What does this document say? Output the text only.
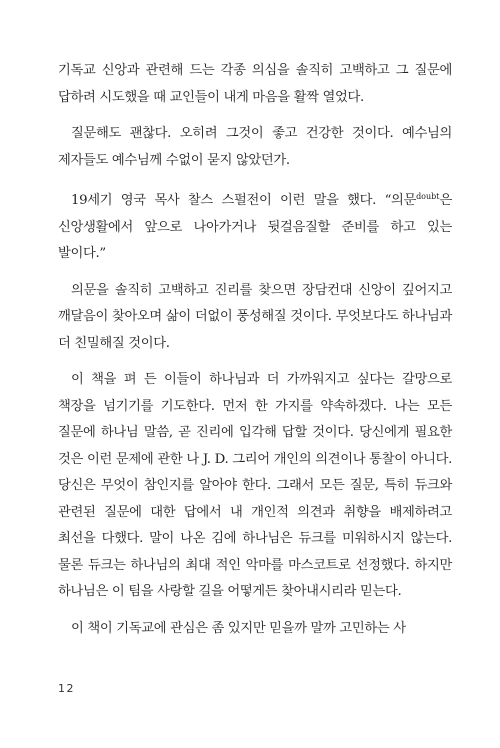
기독교 신앙과 관련해 드는 각종 의심을 솔직히 고백하고 그 질문에 답하려 시도했을 때 교인들이 내게 마음을 활짝 열었다.

질문해도 괜찮다. 오히려 그것이 좋고 건강한 것이다. 예수님의 제자들도 예수님께 수없이 묻지 않았던가.

19세기 영국 목사 찰스 스펄전이 이런 말을 했다. “의문$^{doubt}$은 신앙생활에서 앞으로 나아가거나 뒷걸음질할 준비를 하고 있는 발이다.”

의문을 솔직히 고백하고 진리를 찾으면 장담컨대 신앙이 깊어지고 깨달음이 찾아오며 삶이 더없이 풍성해질 것이다. 무엇보다도 하나님과 더 친밀해질 것이다.

이 책을 펴 든 이들이 하나님과 더 가까워지고 싶다는 갈망으로 책장을 넘기기를 기도한다. 먼저 한 가지를 약속하겠다. 나는 모든 질문에 하나님 말씀, 곧 진리에 입각해 답할 것이다. 당신에게 필요한 것은 이런 문제에 관한 나 J. D. 그리어 개인의 의견이나 통찰이 아니다. 당신은 무엇이 참인지를 알아야 한다. 그래서 모든 질문, 특히 듀크와 관련된 질문에 대한 답에서 내 개인적 의견과 취향을 배제하려고 최선을 다했다. 말이 나온 김에 하나님은 듀크를 미워하시지 않는다. 물론 듀크는 하나님의 최대 적인 악마를 마스코트로 선정했다. 하지만 하나님은 이 팀을 사랑할 길을 어떻게든 찾아내시리라 믿는다.

이 책이 기독교에 관심은 좀 있지만 믿을까 말까 고민하는 사

12
